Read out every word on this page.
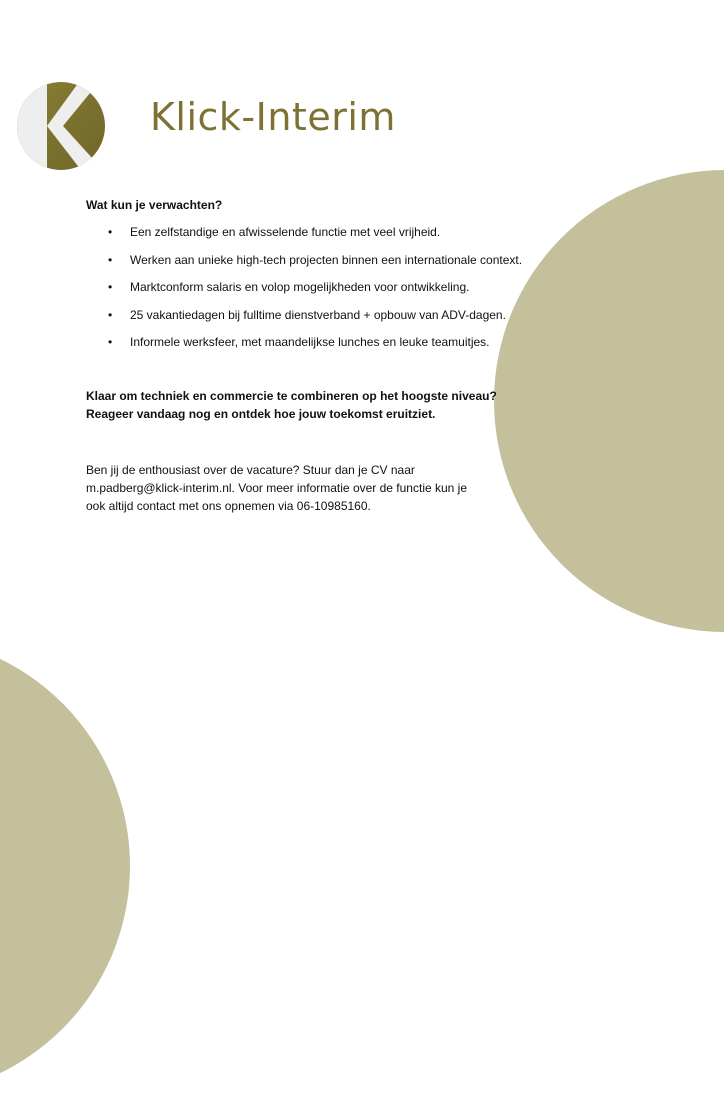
Klick-Interim
Wat kun je verwachten?
• Een zelfstandige en afwisselende functie met veel vrijheid.
• Werken aan unieke high-tech projecten binnen een internationale context.
• Marktconform salaris en volop mogelijkheden voor ontwikkeling.
• 25 vakantiedagen bij fulltime dienstverband + opbouw van ADV-dagen.
• Informele werksfeer, met maandelijkse lunches en leuke teamuitjes.
Klaar om techniek en commercie te combineren op het hoogste niveau?
Reageer vandaag nog en ontdek hoe jouw toekomst eruitziet.
Ben jij de enthousiast over de vacature? Stuur dan je CV naar
m.padberg@klick-interim.nl. Voor meer informatie over de functie kun je
ook altijd contact met ons opnemen via 06-10985160.
